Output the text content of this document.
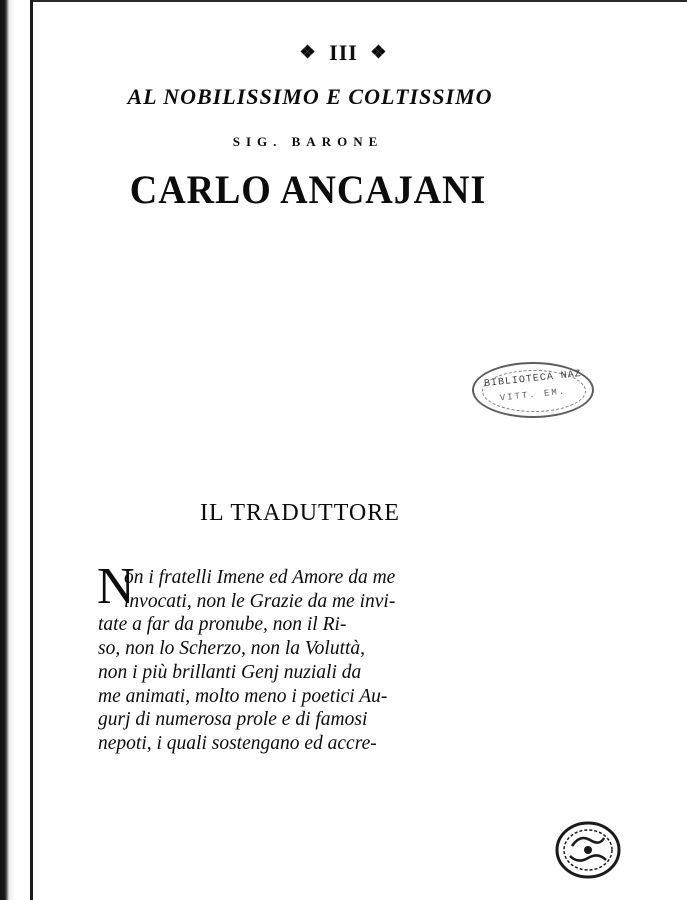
❖ III ❖
AL NOBILISSIMO E COLTISSIMO
SIG. BARONE
CARLO ANCAJANI
BIBLIOTECA NAZ
VITT. EM.
IL TRADUTTORE
N
on i fratelli Imene ed Amore da me
invocati, non le Grazie da me invi-
tate a far da pronube, non il Ri-
so, non lo Scherzo, non la Voluttà,
non i più brillanti Genj nuziali da
me animati, molto meno i poetici Au-
gurj di numerosa prole e di famosi
nepoti, i quali sostengano ed accre-
